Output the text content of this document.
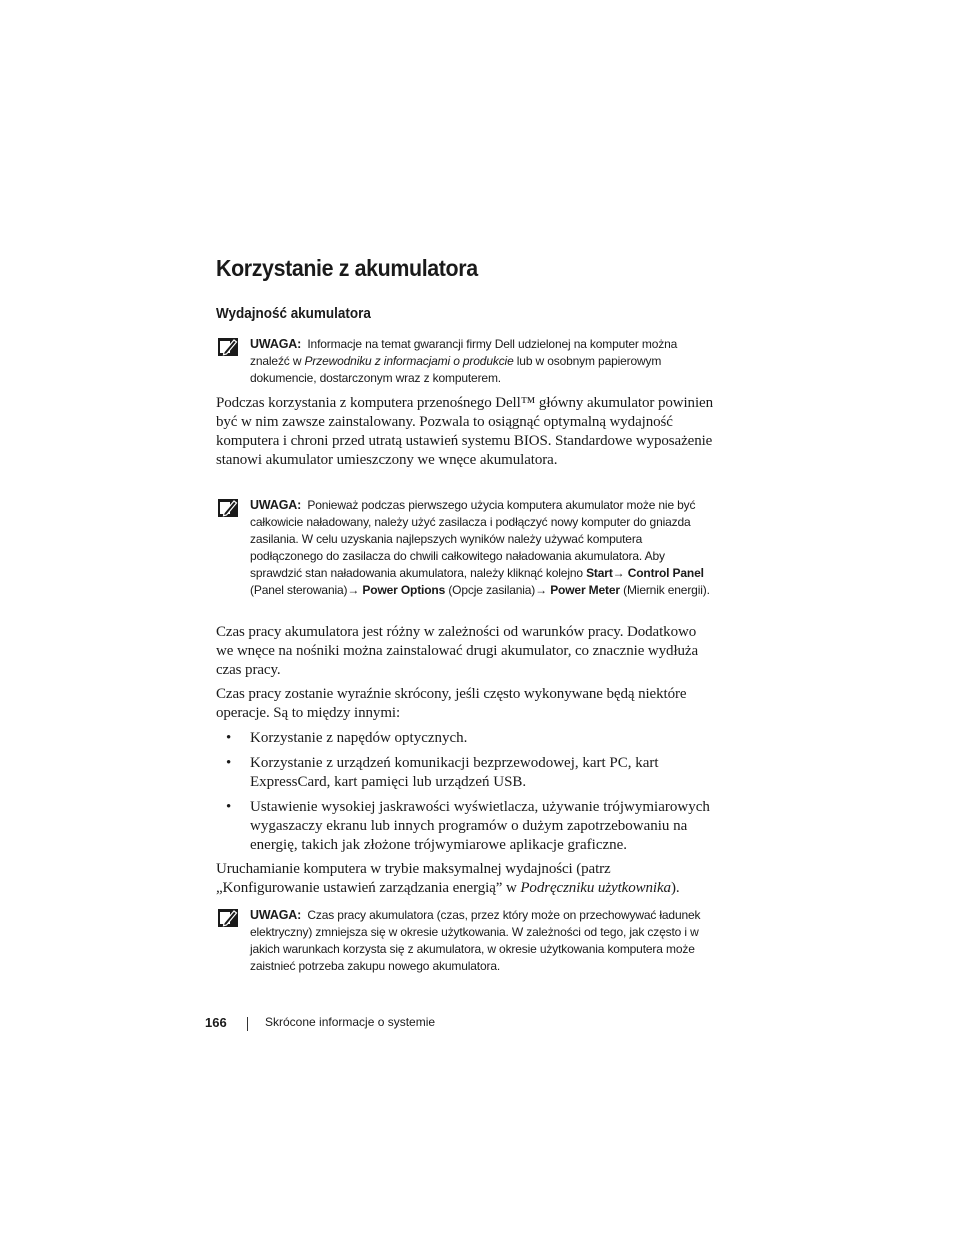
Korzystanie z akumulatora
Wydajność akumulatora
UWAGA: Informacje na temat gwarancji firmy Dell udzielonej na komputer można znaleźć w Przewodniku z informacjami o produkcie lub w osobnym papierowym dokumencie, dostarczonym wraz z komputerem.

Podczas korzystania z komputera przenośnego Dell™ główny akumulator powinien być w nim zawsze zainstalowany. Pozwala to osiągnąć optymalną wydajność komputera i chroni przed utratą ustawień systemu BIOS. Standardowe wyposażenie stanowi akumulator umieszczony we wnęce akumulatora.

UWAGA: Ponieważ podczas pierwszego użycia komputera akumulator może nie być całkowicie naładowany, należy użyć zasilacza i podłączyć nowy komputer do gniazda zasilania. W celu uzyskania najlepszych wyników należy używać komputera podłączonego do zasilacza do chwili całkowitego naładowania akumulatora. Aby sprawdzić stan naładowania akumulatora, należy kliknąć kolejno Start→ Control Panel (Panel sterowania)→ Power Options (Opcje zasilania)→ Power Meter (Miernik energii).

Czas pracy akumulatora jest różny w zależności od warunków pracy. Dodatkowo we wnęce na nośniki można zainstalować drugi akumulator, co znacznie wydłuża czas pracy.

Czas pracy zostanie wyraźnie skrócony, jeśli często wykonywane będą niektóre operacje. Są to między innymi:

• Korzystanie z napędów optycznych.
• Korzystanie z urządzeń komunikacji bezprzewodowej, kart PC, kart ExpressCard, kart pamięci lub urządzeń USB.
• Ustawienie wysokiej jaskrawości wyświetlacza, używanie trójwymiarowych wygaszaczy ekranu lub innych programów o dużym zapotrzebowaniu na energię, takich jak złożone trójwymiarowe aplikacje graficzne.

Uruchamianie komputera w trybie maksymalnej wydajności (patrz „Konfigurowanie ustawień zarządzania energią” w Podręczniku użytkownika).

UWAGA: Czas pracy akumulatora (czas, przez który może on przechowywać ładunek elektryczny) zmniejsza się w okresie użytkowania. W zależności od tego, jak często i w jakich warunkach korzysta się z akumulatora, w okresie użytkowania komputera może zaistnieć potrzeba zakupu nowego akumulatora.
166	Skrócone informacje o systemie
